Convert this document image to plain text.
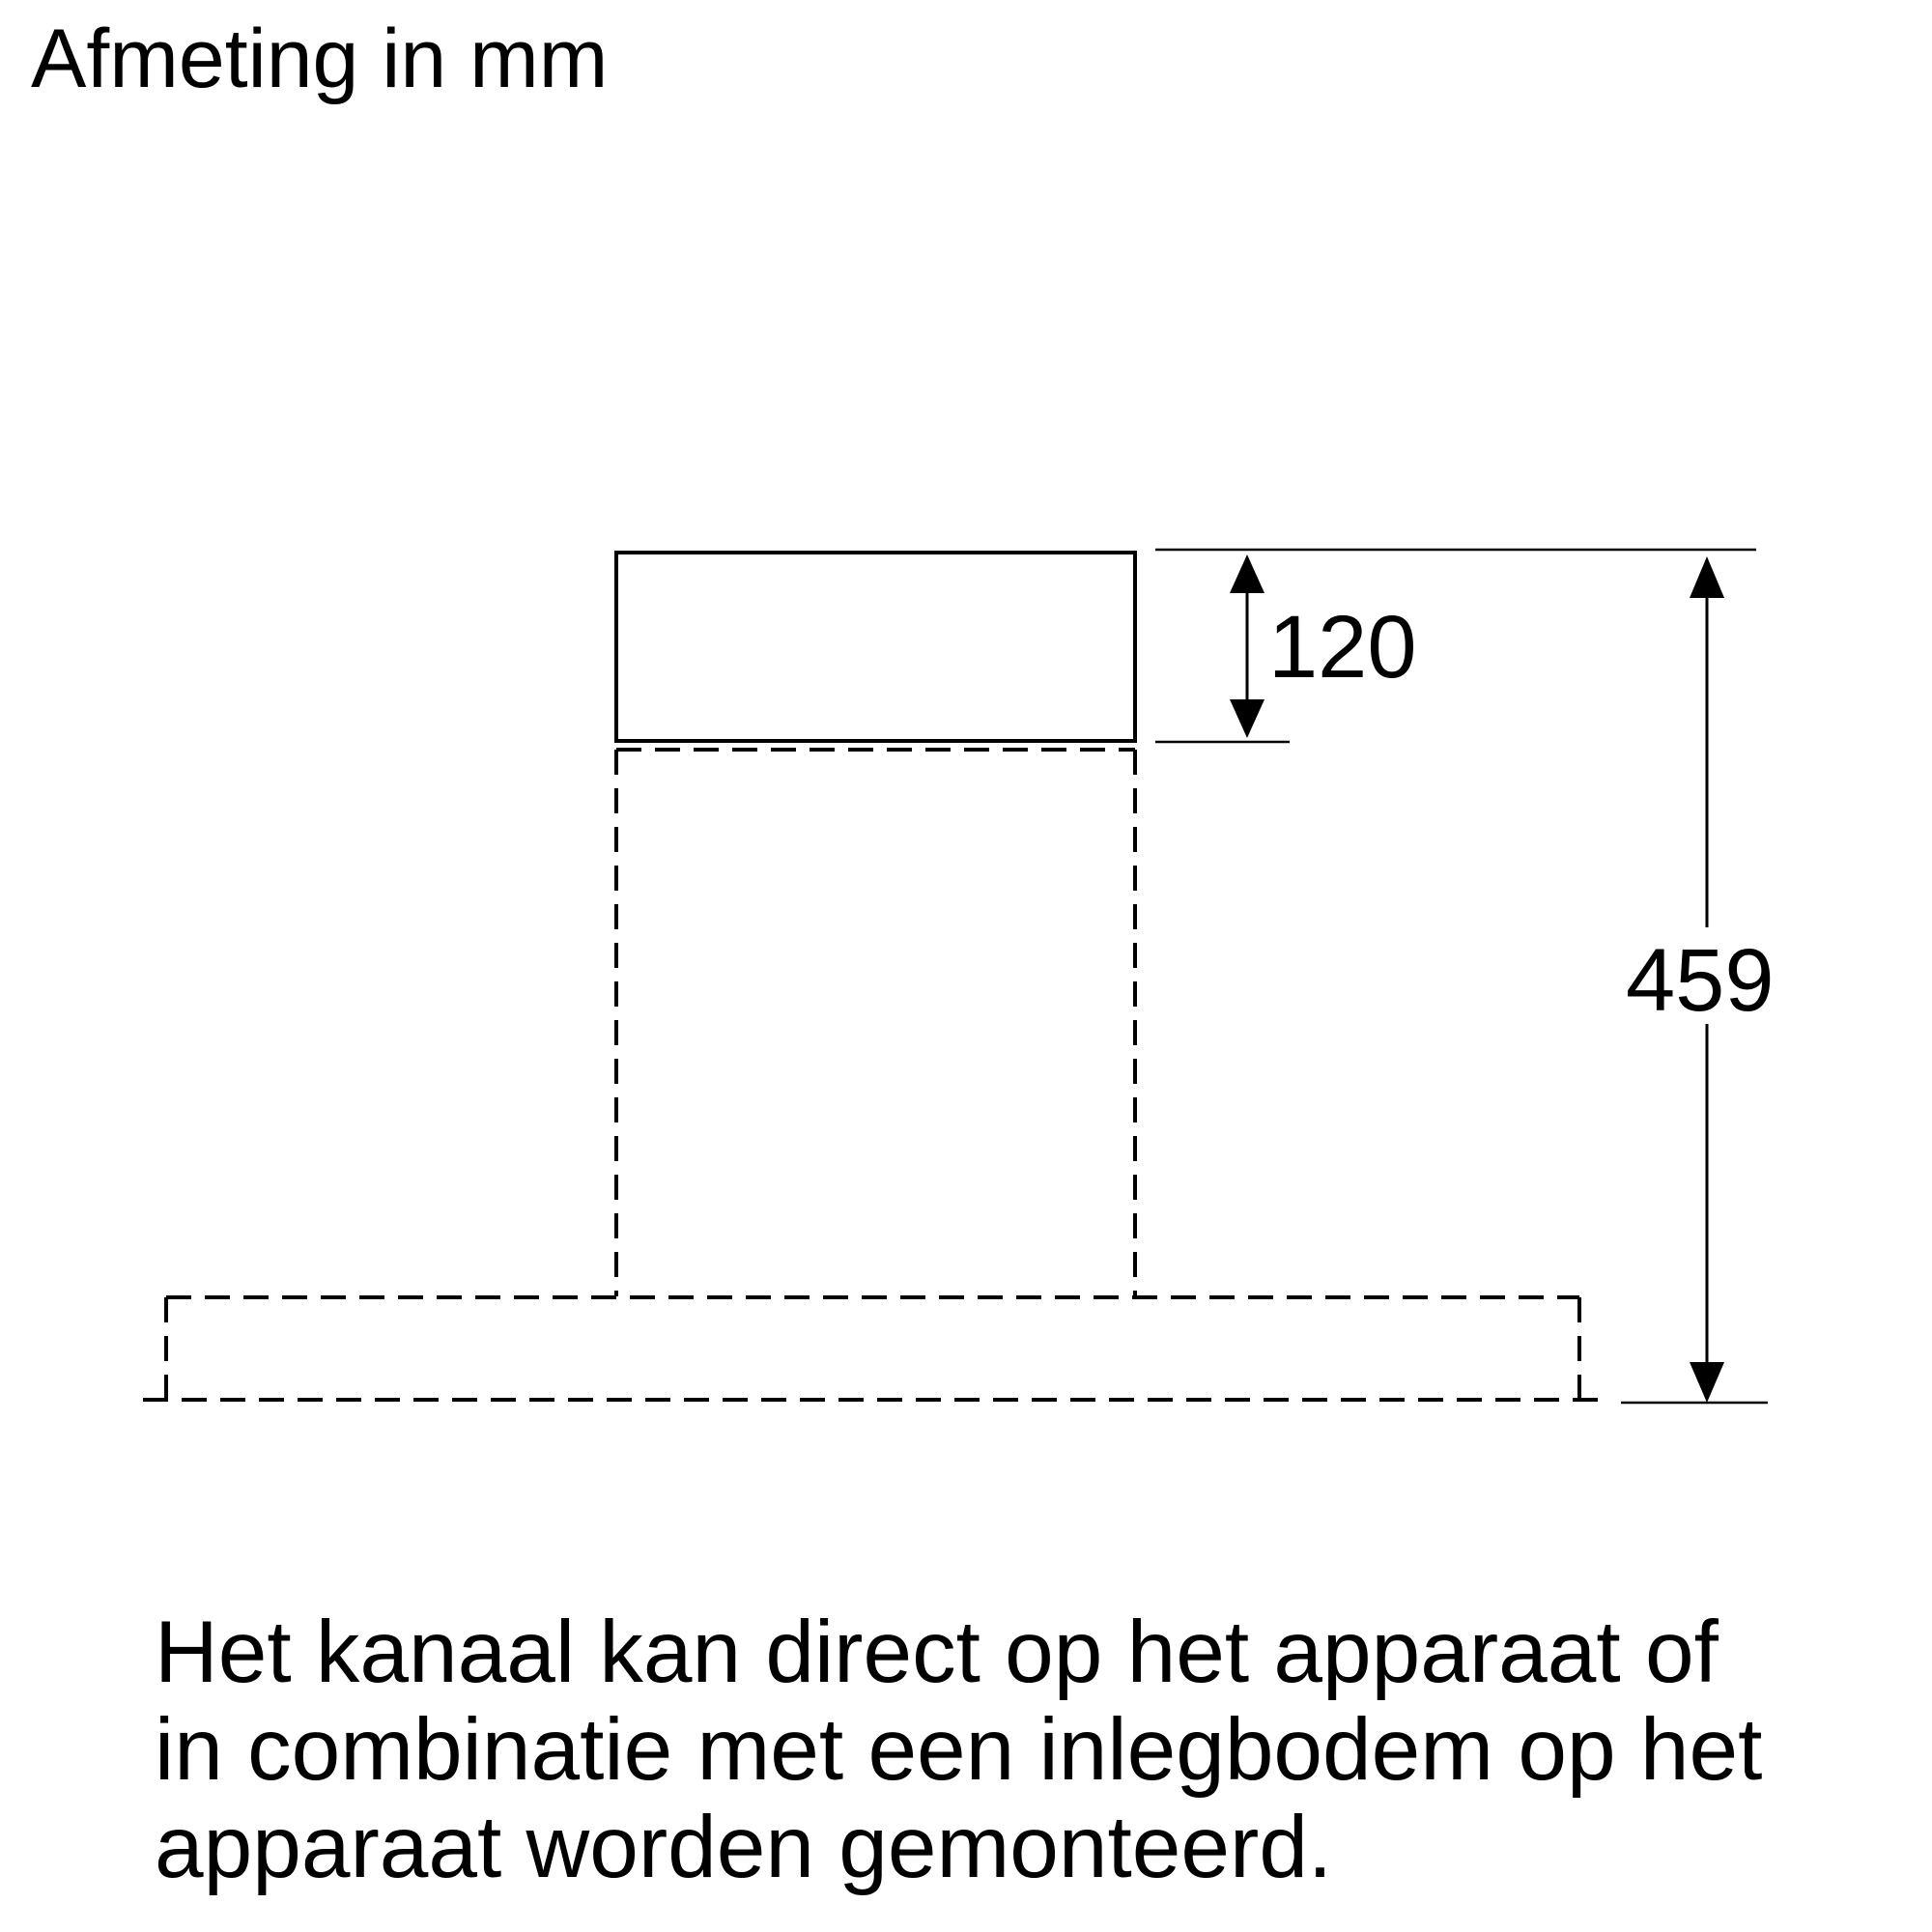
Afmeting in mm
120
459
Het kanaal kan direct op het apparaat of
in combinatie met een inlegbodem op het
apparaat worden gemonteerd.
